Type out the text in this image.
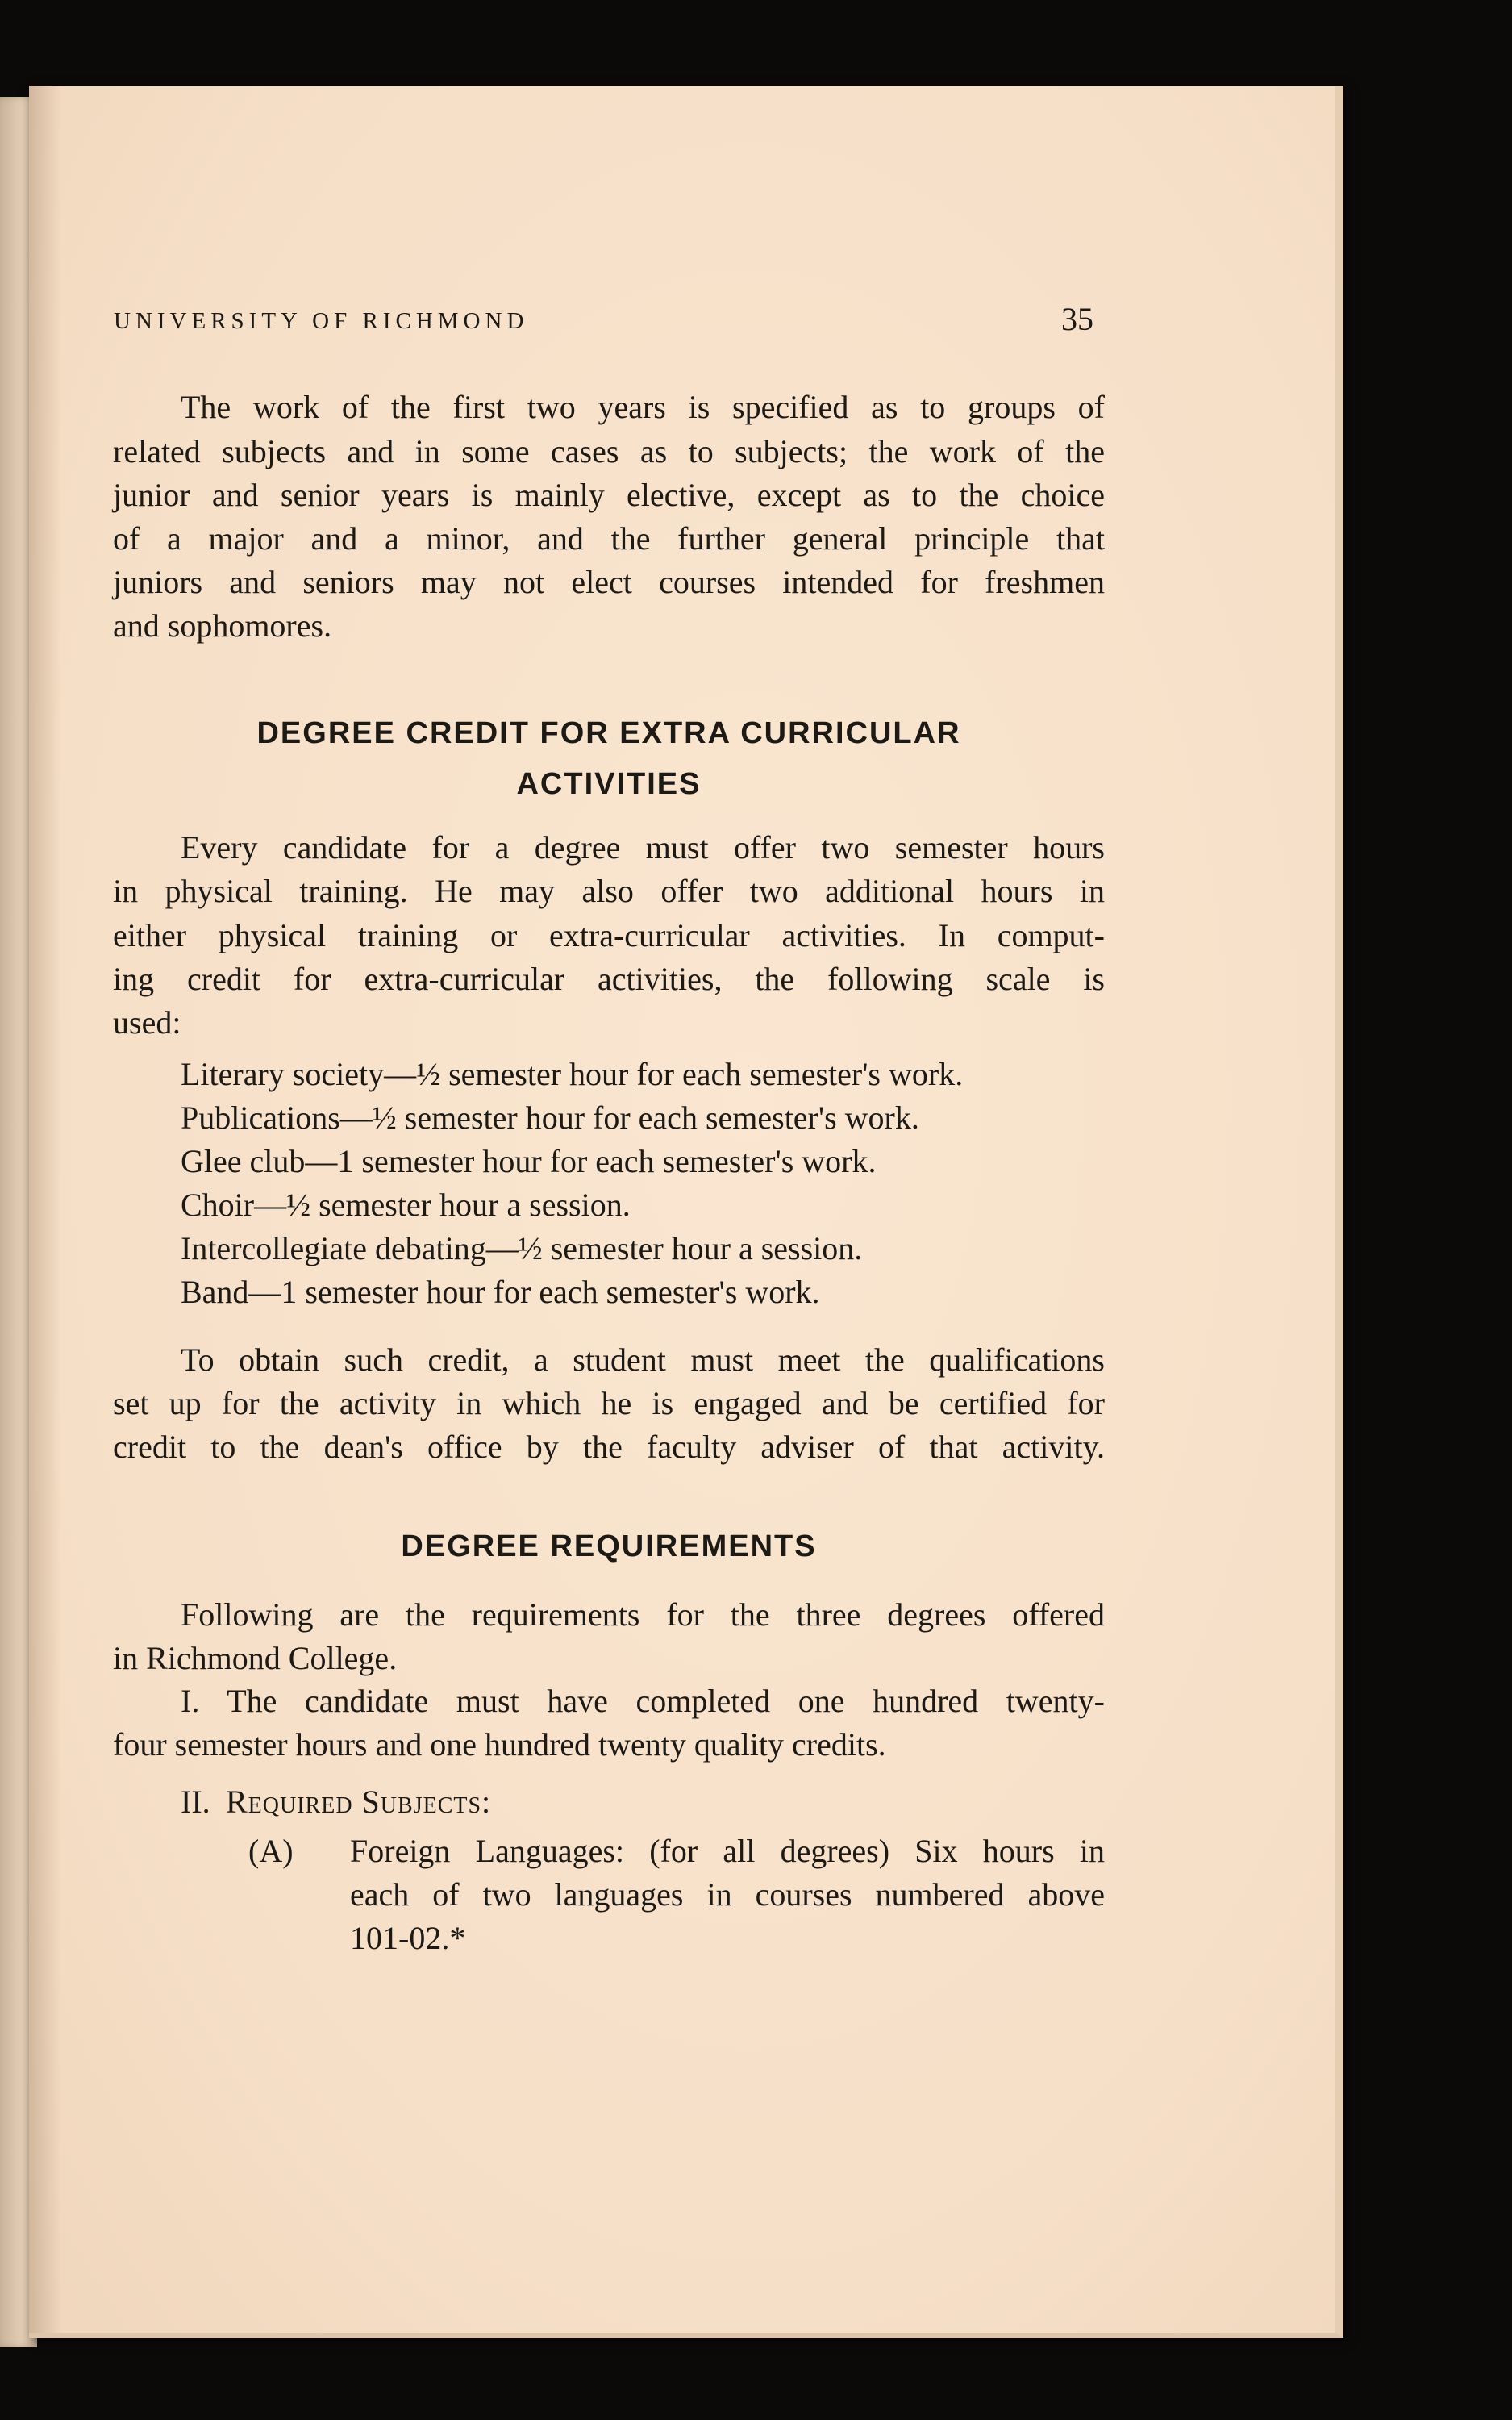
UNIVERSITY OF RICHMOND	35
The work of the first two years is specified as to groups of
related subjects and in some cases as to subjects; the work of the
junior and senior years is mainly elective, except as to the choice
of a major and a minor, and the further general principle that
juniors and seniors may not elect courses intended for freshmen
and sophomores.
DEGREE CREDIT FOR EXTRA CURRICULAR
ACTIVITIES
Every candidate for a degree must offer two semester hours
in physical training. He may also offer two additional hours in
either physical training or extra-curricular activities. In comput-
ing credit for extra-curricular activities, the following scale is
used:
Literary society—½ semester hour for each semester's work.
Publications—½ semester hour for each semester's work.
Glee club—1 semester hour for each semester's work.
Choir—½ semester hour a session.
Intercollegiate debating—½ semester hour a session.
Band—1 semester hour for each semester's work.
To obtain such credit, a student must meet the qualifications
set up for the activity in which he is engaged and be certified for
credit to the dean's office by the faculty adviser of that activity.
DEGREE REQUIREMENTS
Following are the requirements for the three degrees offered
in Richmond College.
I. The candidate must have completed one hundred twenty-
four semester hours and one hundred twenty quality credits.
II. Required Subjects:
(A) Foreign Languages: (for all degrees) Six hours in
each of two languages in courses numbered above
101-02.*
